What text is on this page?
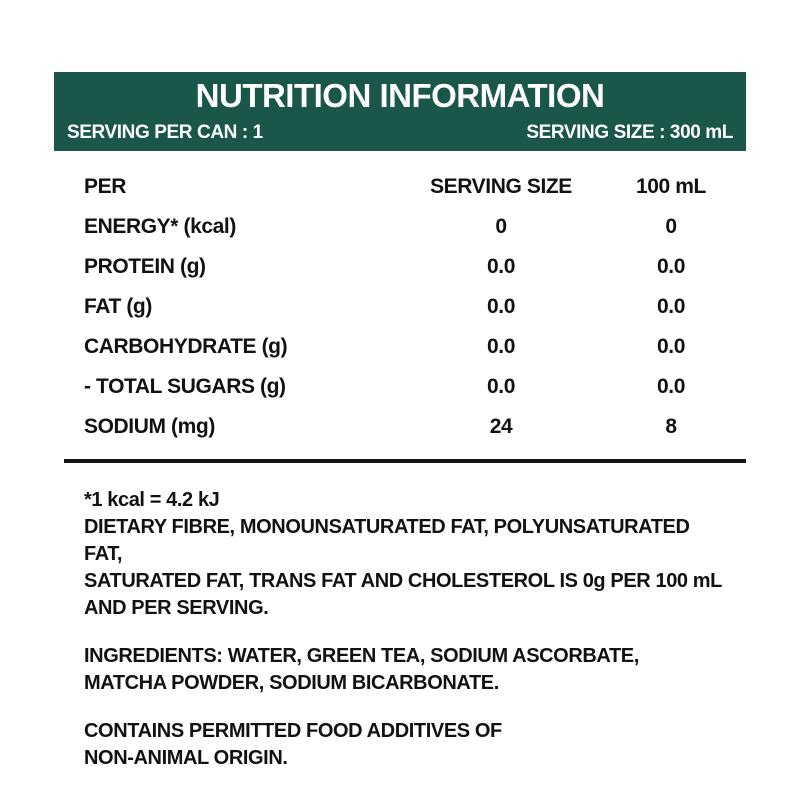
NUTRITION INFORMATION
SERVING PER CAN : 1	SERVING SIZE : 300 mL
PER	SERVING SIZE	100 mL
ENERGY* (kcal)	0	0
PROTEIN (g)	0.0	0.0
FAT (g)	0.0	0.0
CARBOHYDRATE (g)	0.0	0.0
- TOTAL SUGARS (g)	0.0	0.0
SODIUM (mg)	24	8
*1 kcal = 4.2 kJ
DIETARY FIBRE, MONOUNSATURATED FAT, POLYUNSATURATED FAT,
SATURATED FAT, TRANS FAT AND CHOLESTEROL IS 0g PER 100 mL
AND PER SERVING.
INGREDIENTS: WATER, GREEN TEA, SODIUM ASCORBATE,
MATCHA POWDER, SODIUM BICARBONATE.
CONTAINS PERMITTED FOOD ADDITIVES OF
NON-ANIMAL ORIGIN.
